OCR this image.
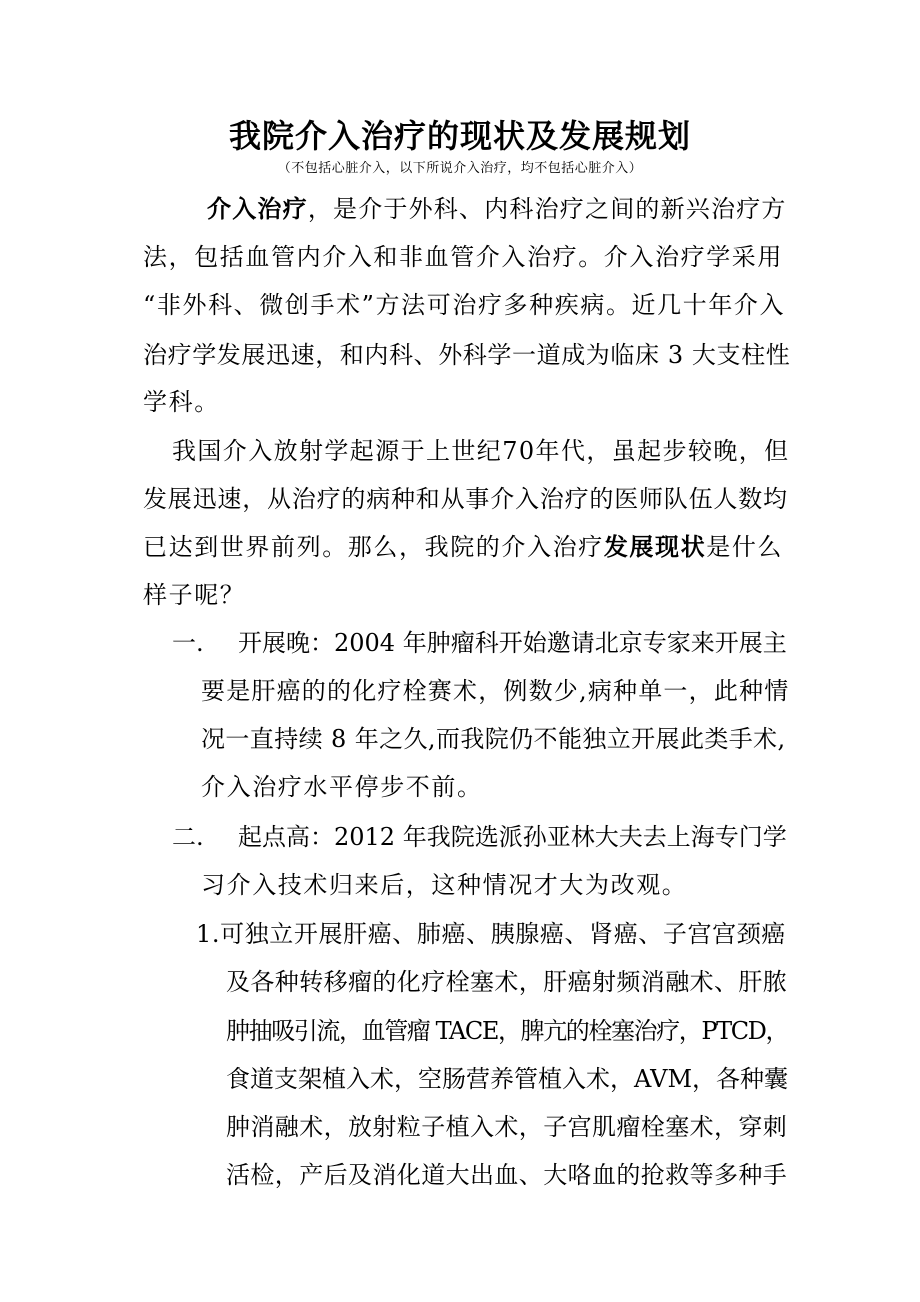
我院介入治疗的现状及发展规划
（不包括心脏介入，以下所说介入治疗，均不包括心脏介入）
介入治疗，是介于外科、内科治疗之间的新兴治疗方
法，包括血管内介入和非血管介入治疗。介入治疗学采用
“非外科、微创手术”方法可治疗多种疾病。近几十年介入
治疗学发展迅速，和内科、外科学一道成为临床 3 大支柱性
学科。
我国介入放射学起源于上世纪70年代，虽起步较晚，但
发展迅速，从治疗的病种和从事介入治疗的医师队伍人数均
已达到世界前列。那么，我院的介入治疗发展现状是什么
样子呢？
一. 开展晚：2004 年肿瘤科开始邀请北京专家来开展主
要是肝癌的的化疗栓赛术，例数少,病种单一，此种情
况一直持续 8 年之久,而我院仍不能独立开展此类手术,
介入治疗水平停步不前。
二. 起点高：2012 年我院选派孙亚林大夫去上海专门学
习介入技术归来后，这种情况才大为改观。
1.可独立开展肝癌、肺癌、胰腺癌、肾癌、子宫宫颈癌
及各种转移瘤的化疗栓塞术，肝癌射频消融术、肝脓
肿抽吸引流，血管瘤 TACE，脾亢的栓塞治疗，PTCD，
食道支架植入术，空肠营养管植入术，AVM，各种囊
肿消融术，放射粒子植入术，子宫肌瘤栓塞术，穿刺
活检，产后及消化道大出血、大咯血的抢救等多种手
